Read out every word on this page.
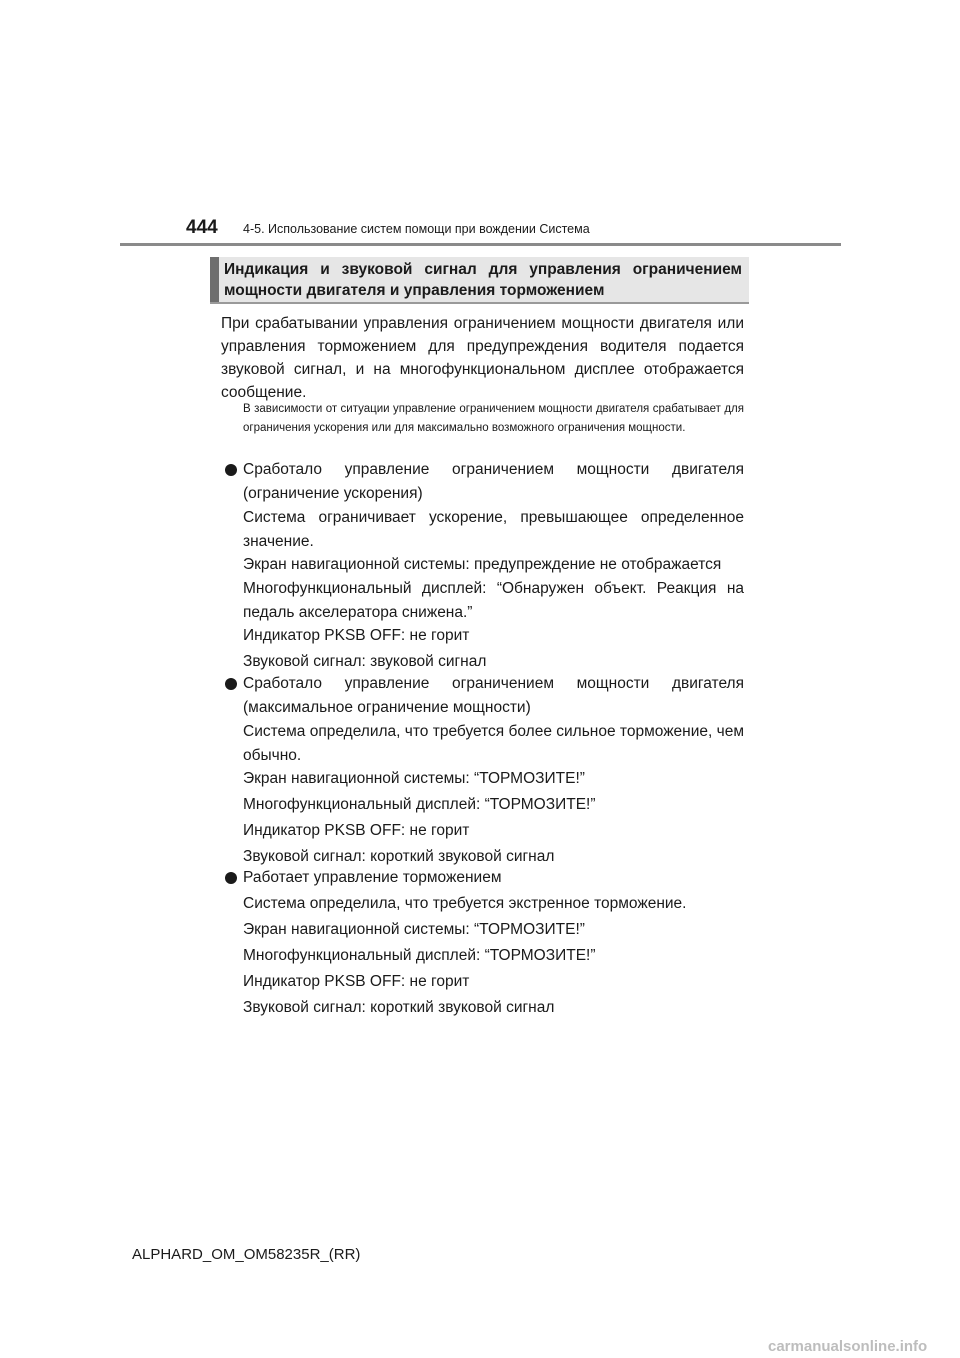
444 4-5. Использование систем помощи при вождении Система
Индикация и звуковой сигнал для управления ограничением
мощности двигателя и управления торможением
При срабатывании управления ограничением мощности двигателя или управления торможением для предупреждения водителя подается звуковой сигнал, и на многофункциональном дисплее отображается сообщение.
В зависимости от ситуации управление ограничением мощности двигателя срабатывает для ограничения ускорения или для максимально возможного ограничения мощности.
Сработало управление ограничением мощности двигателя (ограничение ускорения)
Система ограничивает ускорение, превышающее определенное значение.
Экран навигационной системы: предупреждение не отображается
Многофункциональный дисплей: “Обнаружен объект. Реакция на педаль акселератора снижена.”
Индикатор PKSB OFF: не горит
Звуковой сигнал: звуковой сигнал
Сработало управление ограничением мощности двигателя (максимальное ограничение мощности)
Система определила, что требуется более сильное торможение, чем обычно.
Экран навигационной системы: “ТОРМОЗИТЕ!”
Многофункциональный дисплей: “ТОРМОЗИТЕ!”
Индикатор PKSB OFF: не горит
Звуковой сигнал: короткий звуковой сигнал
Работает управление торможением
Система определила, что требуется экстренное торможение.
Экран навигационной системы: “ТОРМОЗИТЕ!”
Многофункциональный дисплей: “ТОРМОЗИТЕ!”
Индикатор PKSB OFF: не горит
Звуковой сигнал: короткий звуковой сигнал
ALPHARD_OM_OM58235R_(RR)
carmanualsonline.info
